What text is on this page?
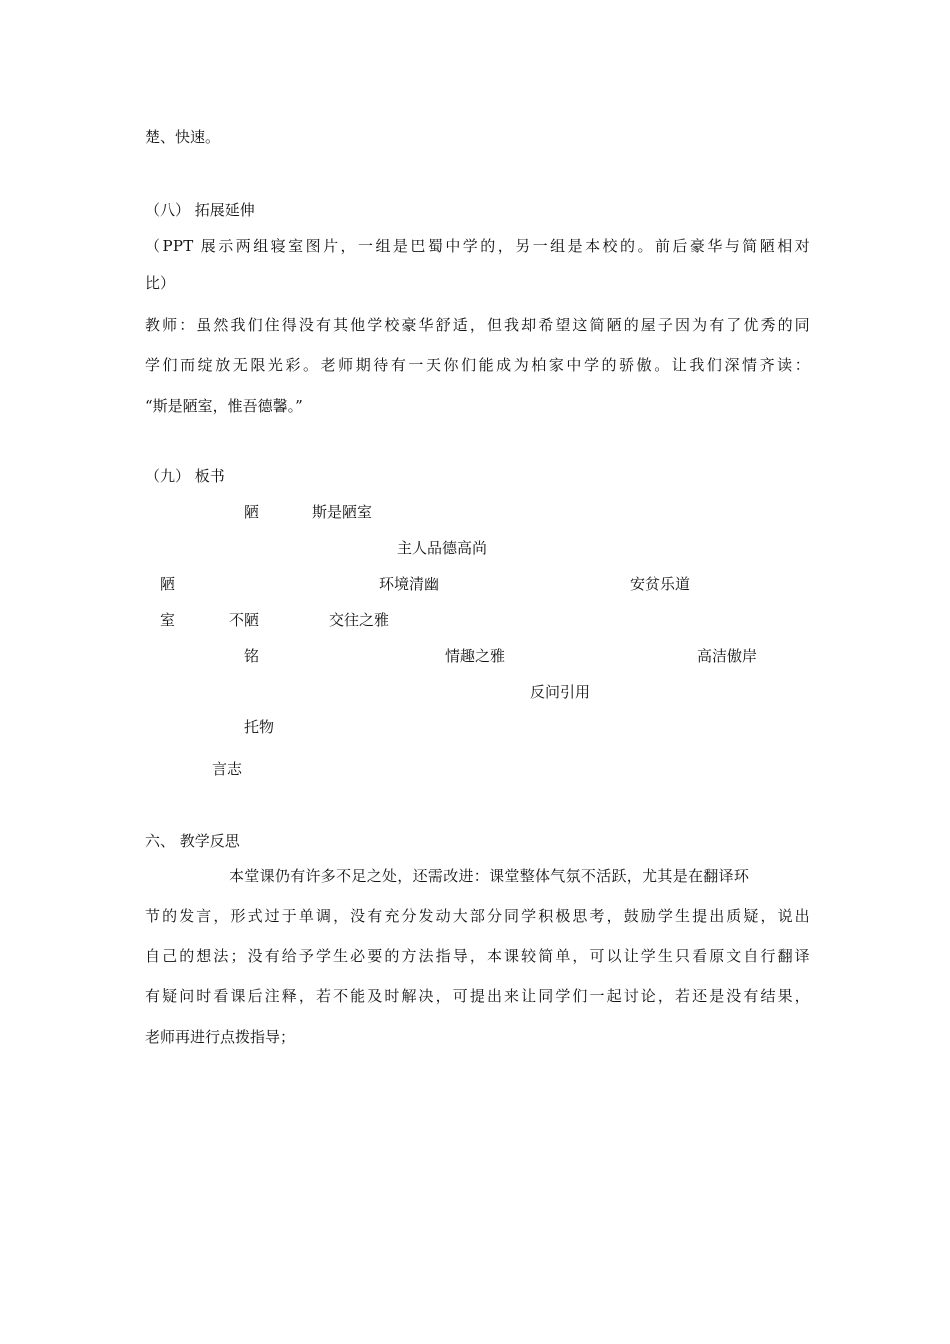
楚、快速。
（八） 拓展延伸
（PPT 展示两组寝室图片，一组是巴蜀中学的，另一组是本校的。前后豪华与简陋相对
比）
教师：虽然我们住得没有其他学校豪华舒适，但我却希望这简陋的屋子因为有了优秀的同
学们而绽放无限光彩。老师期待有一天你们能成为柏家中学的骄傲。让我们深情齐读：
“斯是陋室，惟吾德馨。”
（九） 板书
陋	斯是陋室
主人品德高尚
陋	环境清幽	安贫乐道
室	不陋	交往之雅
铭	情趣之雅	高洁傲岸
反问引用
托物
言志
六、 教学反思
本堂课仍有许多不足之处，还需改进：课堂整体气氛不活跃，尤其是在翻译环
节的发言，形式过于单调，没有充分发动大部分同学积极思考，鼓励学生提出质疑，说出
自己的想法；没有给予学生必要的方法指导，本课较简单，可以让学生只看原文自行翻译
有疑问时看课后注释，若不能及时解决，可提出来让同学们一起讨论，若还是没有结果，
老师再进行点拨指导；
